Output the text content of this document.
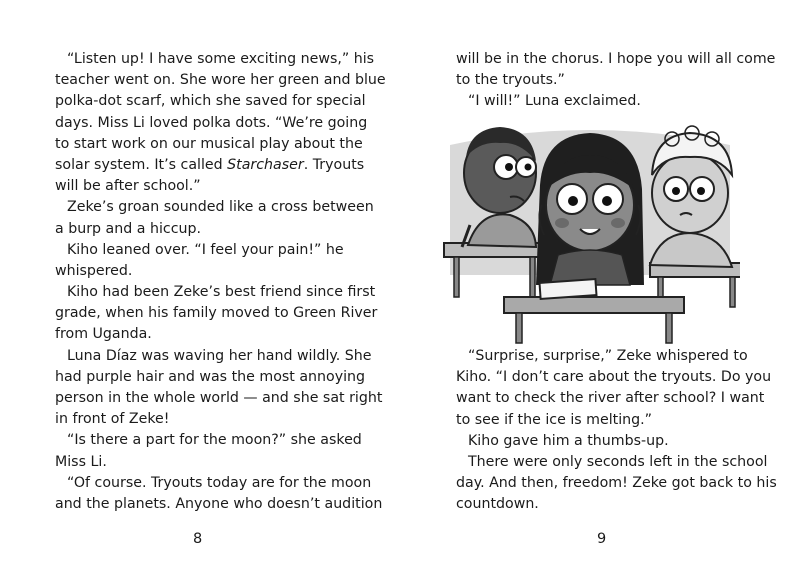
“Listen up! I have some exciting news,” his
teacher went on. She wore her green and blue
polka-dot scarf, which she saved for special
days. Miss Li loved polka dots. “We’re going
to start work on our musical play about the
solar system. It’s called Starchaser. Tryouts
will be after school.”
Zeke’s groan sounded like a cross between
a burp and a hiccup.
Kiho leaned over. “I feel your pain!” he
whispered.
Kiho had been Zeke’s best friend since first
grade, when his family moved to Green River
from Uganda.
Luna Díaz was waving her hand wildly. She
had purple hair and was the most annoying
person in the whole world — and she sat right
in front of Zeke!
“Is there a part for the moon?” she asked
Miss Li.
“Of course. Tryouts today are for the moon
and the planets. Anyone who doesn’t audition
8
will be in the chorus. I hope you will all come
to the tryouts.”
“I will!” Luna exclaimed.
“Surprise, surprise,” Zeke whispered to
Kiho. “I don’t care about the tryouts. Do you
want to check the river after school? I want
to see if the ice is melting.”
Kiho gave him a thumbs-up.
There were only seconds left in the school
day. And then, freedom! Zeke got back to his
countdown.
9
